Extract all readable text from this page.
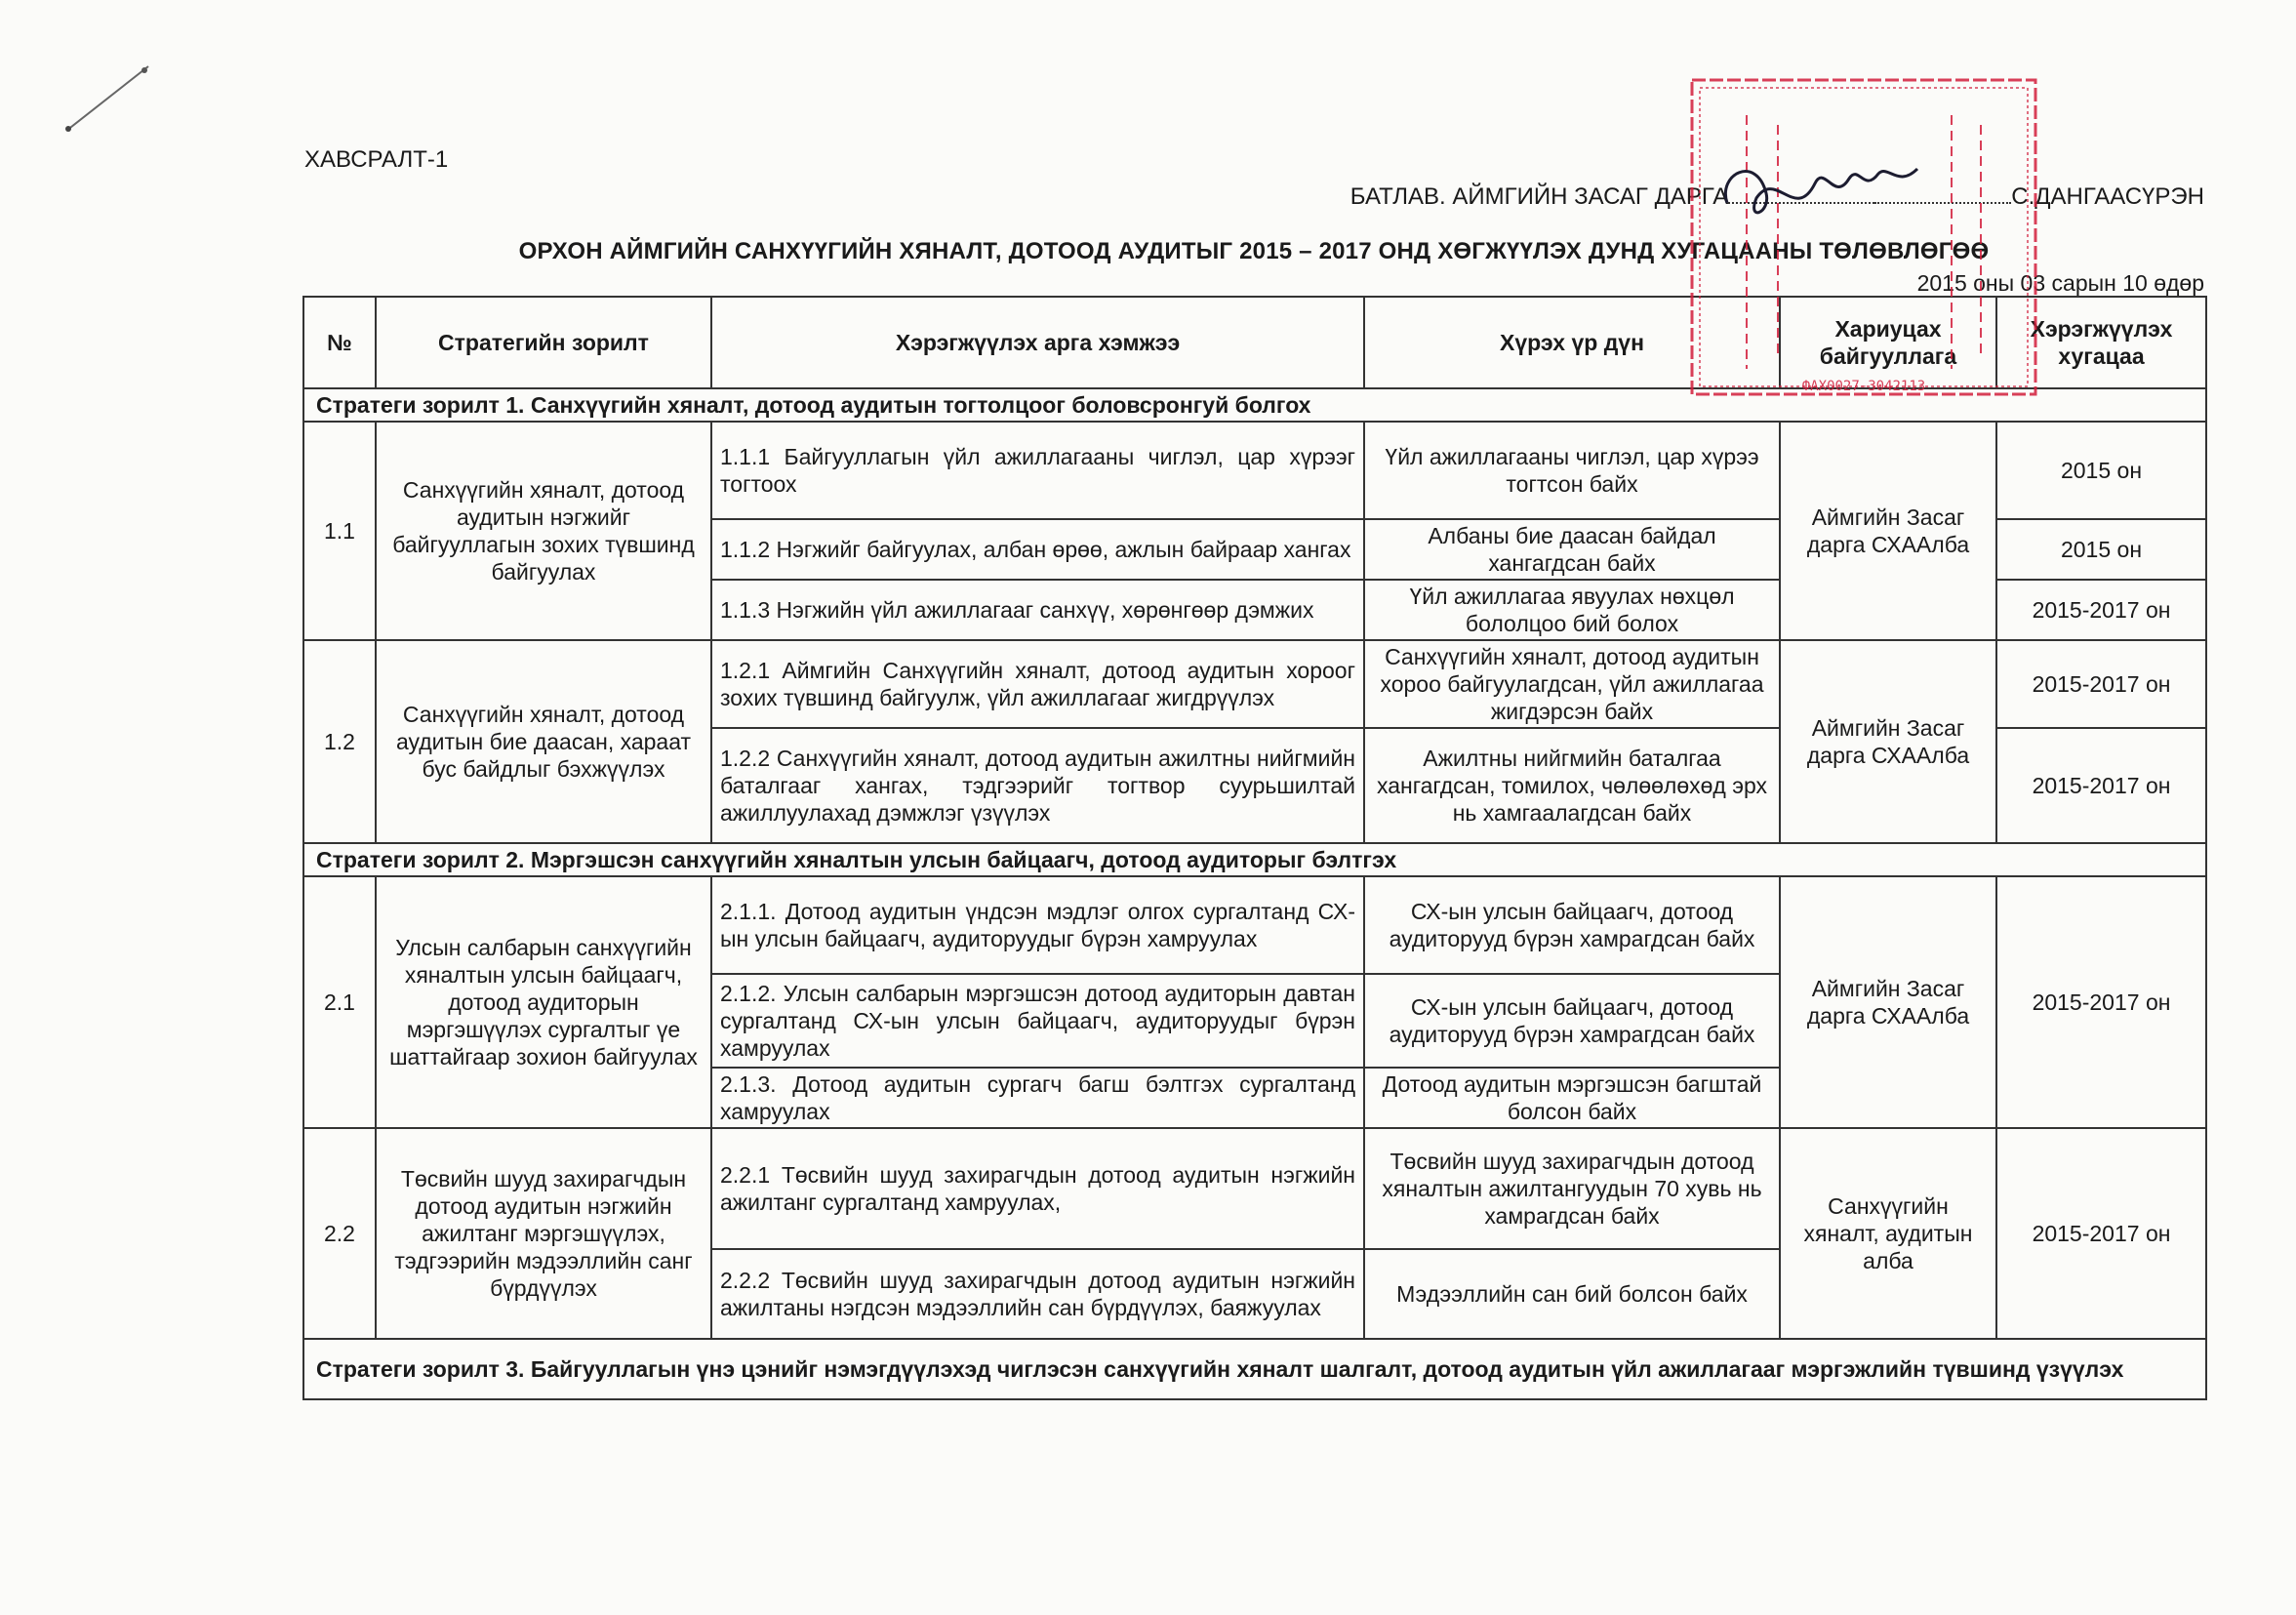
ХАВСРАЛТ-1
БАТЛАВ. АЙМГИЙН ЗАСАГ ДАРГА	С.ДАНГААСҮРЭН
ОРХОН АЙМГИЙН САНХҮҮГИЙН ХЯНАЛТ, ДОТООД АУДИТЫГ 2015 – 2017 ОНД ХӨГЖҮҮЛЭХ ДУНД ХУГАЦААНЫ ТӨЛӨВЛӨГӨӨ
2015 оны 03 сарын 10 өдөр
№	Стратегийн зорилт	Хэрэгжүүлэх арга хэмжээ	Хүрэх үр дүн	Хариуцах байгууллага	Хэрэгжүүлэх хугацаа
Стратеги зорилт 1. Санхүүгийн хяналт, дотоод аудитын тогтолцоог боловсронгуй болгох					
1.1	Санхүүгийн хяналт, дотоод аудитын нэгжийг байгууллагын зохих түвшинд байгуулах	1.1.1 Байгууллагын үйл ажиллагааны чиглэл, цар хүрээг тогтоох	Үйл ажиллагааны чиглэл, цар хүрээ тогтсон байх	Аймгийн Засаг дарга СХААлба	2015 он
		1.1.2 Нэгжийг байгуулах, албан өрөө, ажлын байраар хангах	Албаны бие даасан байдал хангагдсан байх		2015 он
		1.1.3 Нэгжийн үйл ажиллагааг санхүү, хөрөнгөөр дэмжих	Үйл ажиллагаа явуулах нөхцөл бололцоо бий болох		2015-2017 он
1.2	Санхүүгийн хяналт, дотоод аудитын бие даасан, хараат бус байдлыг бэхжүүлэх	1.2.1 Аймгийн Санхүүгийн хяналт, дотоод аудитын хороог зохих түвшинд байгуулж, үйл ажиллагааг жигдрүүлэх	Санхүүгийн хяналт, дотоод аудитын хороо байгуулагдсан, үйл ажиллагаа жигдэрсэн байх	Аймгийн Засаг дарга СХААлба	2015-2017 он
		1.2.2 Санхүүгийн хяналт, дотоод аудитын ажилтны нийгмийн баталгааг хангах, тэдгээрийг тогтвор суурьшилтай ажиллуулахад дэмжлэг үзүүлэх	Ажилтны нийгмийн баталгаа хангагдсан, томилох, чөлөөлөхөд эрх нь хамгаалагдсан байх		2015-2017 он
Стратеги зорилт 2. Мэргэшсэн санхүүгийн хяналтын улсын байцаагч, дотоод аудиторыг бэлтгэх					
2.1	Улсын салбарын санхүүгийн хяналтын улсын байцаагч, дотоод аудиторын мэргэшүүлэх сургалтыг үе шаттайгаар зохион байгуулах	2.1.1. Дотоод аудитын үндсэн мэдлэг олгох сургалтанд СХ-ын улсын байцаагч, аудиторуудыг бүрэн хамруулах	СХ-ын улсын байцаагч, дотоод аудиторууд бүрэн хамрагдсан байх	Аймгийн Засаг дарга СХААлба	2015-2017 он
		2.1.2. Улсын салбарын мэргэшсэн дотоод аудиторын давтан сургалтанд СХ-ын улсын байцаагч, аудиторуудыг бүрэн хамруулах	СХ-ын улсын байцаагч, дотоод аудиторууд бүрэн хамрагдсан байх		
		2.1.3. Дотоод аудитын сургагч багш бэлтгэх сургалтанд хамруулах	Дотоод аудитын мэргэшсэн багштай болсон байх		
2.2	Төсвийн шууд захирагчдын дотоод аудитын нэгжийн ажилтанг мэргэшүүлэх, тэдгээрийн мэдээллийн санг бүрдүүлэх	2.2.1 Төсвийн шууд захирагчдын дотоод аудитын нэгжийн ажилтанг сургалтанд хамруулах,	Төсвийн шууд захирагчдын дотоод хяналтын ажилтангуудын 70 хувь нь хамрагдсан байх	Санхүүгийн хяналт, аудитын алба	2015-2017 он
		2.2.2 Төсвийн шууд захирагчдын дотоод аудитын нэгжийн ажилтаны нэгдсэн мэдээллийн сан бүрдүүлэх, баяжуулах	Мэдээллийн сан бий болсон байх		
Стратеги зорилт 3. Байгууллагын үнэ цэнийг нэмэгдүүлэхэд чиглэсэн санхүүгийн хяналт шалгалт, дотоод аудитын үйл ажиллагааг мэргэжлийн түвшинд үзүүлэх					
ФАХ0027-3042113
